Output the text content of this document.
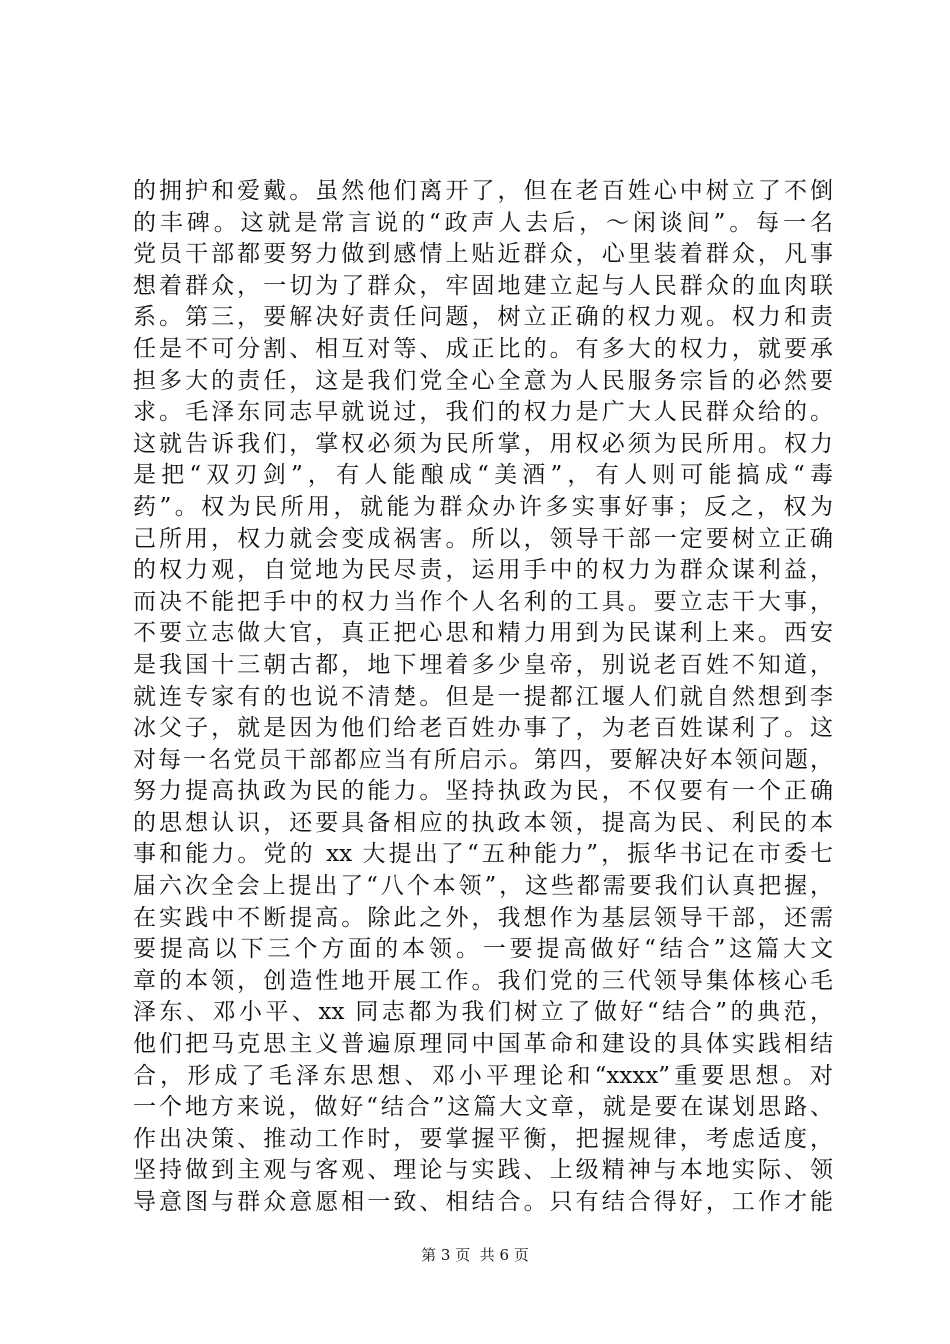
的拥护和爱戴。虽然他们离开了，但在老百姓心中树立了不倒
的丰碑。这就是常言说的“政声人去后，～闲谈间”。每一名
党员干部都要努力做到感情上贴近群众，心里装着群众，凡事
想着群众，一切为了群众，牢固地建立起与人民群众的血肉联
系。第三，要解决好责任问题，树立正确的权力观。权力和责
任是不可分割、相互对等、成正比的。有多大的权力，就要承
担多大的责任，这是我们党全心全意为人民服务宗旨的必然要
求。毛泽东同志早就说过，我们的权力是广大人民群众给的。
这就告诉我们，掌权必须为民所掌，用权必须为民所用。权力
是把“双刃剑”，有人能酿成“美酒”，有人则可能搞成“毒
药”。权为民所用，就能为群众办许多实事好事；反之，权为
己所用，权力就会变成祸害。所以，领导干部一定要树立正确
的权力观，自觉地为民尽责，运用手中的权力为群众谋利益，
而决不能把手中的权力当作个人名利的工具。要立志干大事，
不要立志做大官，真正把心思和精力用到为民谋利上来。西安
是我国十三朝古都，地下埋着多少皇帝，别说老百姓不知道，
就连专家有的也说不清楚。但是一提都江堰人们就自然想到李
冰父子，就是因为他们给老百姓办事了，为老百姓谋利了。这
对每一名党员干部都应当有所启示。第四，要解决好本领问题，
努力提高执政为民的能力。坚持执政为民，不仅要有一个正确
的思想认识，还要具备相应的执政本领，提高为民、利民的本
事和能力。党的 xx 大提出了“五种能力”，振华书记在市委七
届六次全会上提出了“八个本领”，这些都需要我们认真把握，
在实践中不断提高。除此之外，我想作为基层领导干部，还需
要提高以下三个方面的本领。一要提高做好“结合”这篇大文
章的本领，创造性地开展工作。我们党的三代领导集体核心毛
泽东、邓小平、xx 同志都为我们树立了做好“结合”的典范，
他们把马克思主义普遍原理同中国革命和建设的具体实践相结
合，形成了毛泽东思想、邓小平理论和“xxxx”重要思想。对
一个地方来说，做好“结合”这篇大文章，就是要在谋划思路、
作出决策、推动工作时，要掌握平衡，把握规律，考虑适度，
坚持做到主观与客观、理论与实践、上级精神与本地实际、领
导意图与群众意愿相一致、相结合。只有结合得好，工作才能
第 3 页  共 6 页
